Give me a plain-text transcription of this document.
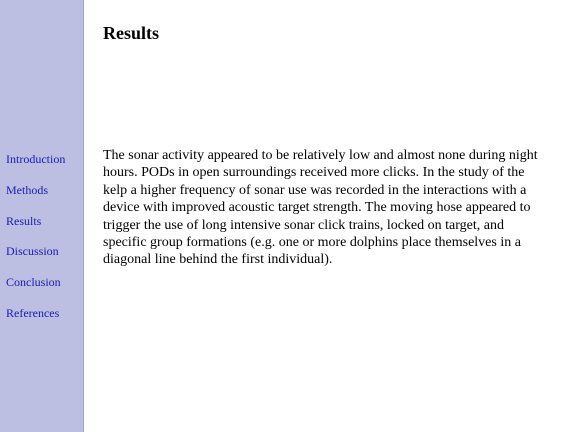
Introduction
Methods
Results
Discussion
Conclusion
References
Results

The sonar activity appeared to be relatively low and almost none during night hours. PODs in open surroundings received more clicks. In the study of the kelp a higher frequency of sonar use was recorded in the interactions with a device with improved acoustic target strength. The moving hose appeared to trigger the use of long intensive sonar click trains, locked on target, and specific group formations (e.g. one or more dolphins place themselves in a diagonal line behind the first individual).
